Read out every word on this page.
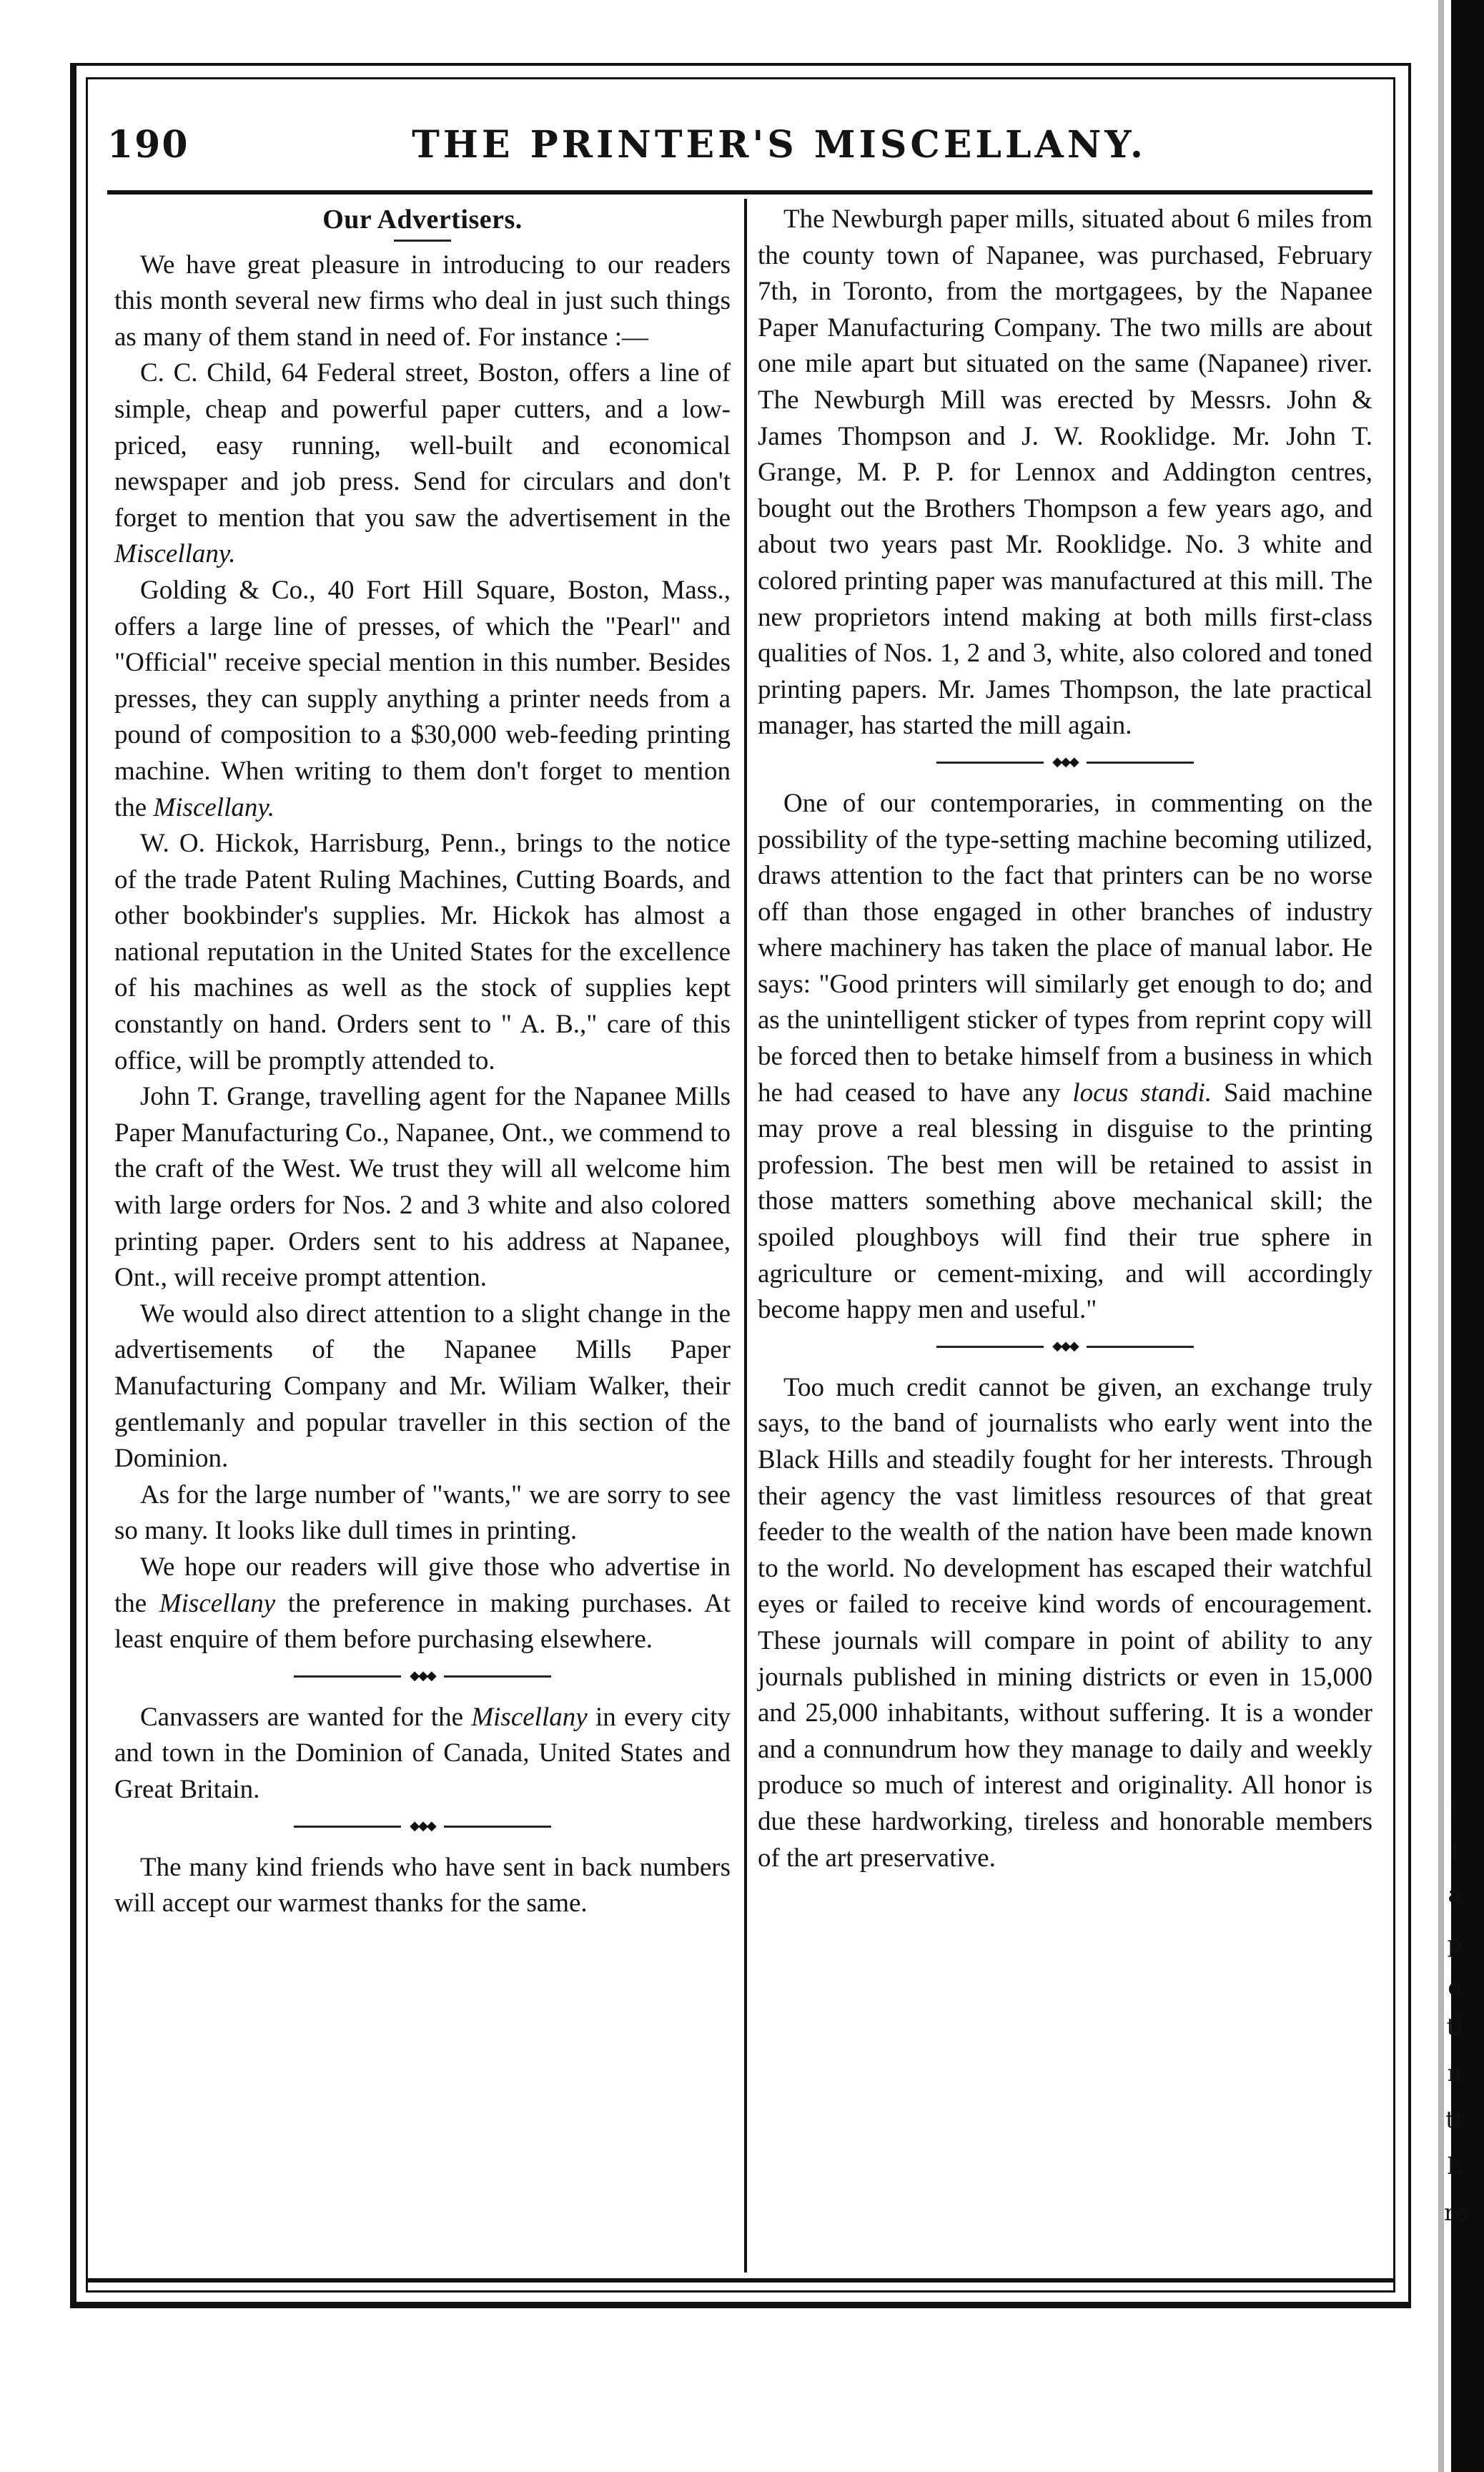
(
l
a
p
o
tl
n
tt
b
re
190	THE PRINTER'S MISCELLANY.
Our Advertisers.

We have great pleasure in introducing to our readers this month several new firms who deal in just such things as many of them stand in need of. For instance :—

C. C. Child, 64 Federal street, Boston, offers a line of simple, cheap and powerful paper cutters, and a low-priced, easy running, well-built and economical newspaper and job press. Send for circulars and don't forget to mention that you saw the advertisement in the Miscellany.

Golding & Co., 40 Fort Hill Square, Boston, Mass., offers a large line of presses, of which the "Pearl" and "Official" receive special mention in this number. Besides presses, they can supply anything a printer needs from a pound of composition to a $30,000 web-feeding printing machine. When writing to them don't forget to mention the Miscellany.

W. O. Hickok, Harrisburg, Penn., brings to the notice of the trade Patent Ruling Machines, Cutting Boards, and other bookbinder's supplies. Mr. Hickok has almost a national reputation in the United States for the excellence of his machines as well as the stock of supplies kept constantly on hand. Orders sent to " A. B.," care of this office, will be promptly attended to.

John T. Grange, travelling agent for the Napanee Mills Paper Manufacturing Co., Napanee, Ont., we commend to the craft of the West. We trust they will all welcome him with large orders for Nos. 2 and 3 white and also colored printing paper. Orders sent to his address at Napanee, Ont., will receive prompt attention.

We would also direct attention to a slight change in the advertisements of the Napanee Mills Paper Manufacturing Company and Mr. Wiliam Walker, their gentlemanly and popular traveller in this section of the Dominion.

As for the large number of "wants," we are sorry to see so many. It looks like dull times in printing.

We hope our readers will give those who advertise in the Miscellany the preference in making purchases. At least enquire of them before purchasing elsewhere.

◆◆◆

Canvassers are wanted for the Miscellany in every city and town in the Dominion of Canada, United States and Great Britain.

◆◆◆

The many kind friends who have sent in back numbers will accept our warmest thanks for the same.

The Newburgh paper mills, situated about 6 miles from the county town of Napanee, was purchased, February 7th, in Toronto, from the mortgagees, by the Napanee Paper Manufacturing Company. The two mills are about one mile apart but situated on the same (Napanee) river. The Newburgh Mill was erected by Messrs. John & James Thompson and J. W. Rooklidge. Mr. John T. Grange, M. P. P. for Lennox and Addington centres, bought out the Brothers Thompson a few years ago, and about two years past Mr. Rooklidge. No. 3 white and colored printing paper was manufactured at this mill. The new proprietors intend making at both mills first-class qualities of Nos. 1, 2 and 3, white, also colored and toned printing papers. Mr. James Thompson, the late practical manager, has started the mill again.

◆◆◆

One of our contemporaries, in commenting on the possibility of the type-setting machine becoming utilized, draws attention to the fact that printers can be no worse off than those engaged in other branches of industry where machinery has taken the place of manual labor. He says: "Good printers will similarly get enough to do; and as the unintelligent sticker of types from reprint copy will be forced then to betake himself from a business in which he had ceased to have any locus standi. Said machine may prove a real blessing in disguise to the printing profession. The best men will be retained to assist in those matters something above mechanical skill; the spoiled ploughboys will find their true sphere in agriculture or cement-mixing, and will accordingly become happy men and useful."

◆◆◆

Too much credit cannot be given, an exchange truly says, to the band of journalists who early went into the Black Hills and steadily fought for her interests. Through their agency the vast limitless resources of that great feeder to the wealth of the nation have been made known to the world. No development has escaped their watchful eyes or failed to receive kind words of encouragement. These journals will compare in point of ability to any journals published in mining districts or even in 15,000 and 25,000 inhabitants, without suffering. It is a wonder and a connundrum how they manage to daily and weekly produce so much of interest and originality. All honor is due these hardworking, tireless and honorable members of the art preservative.
